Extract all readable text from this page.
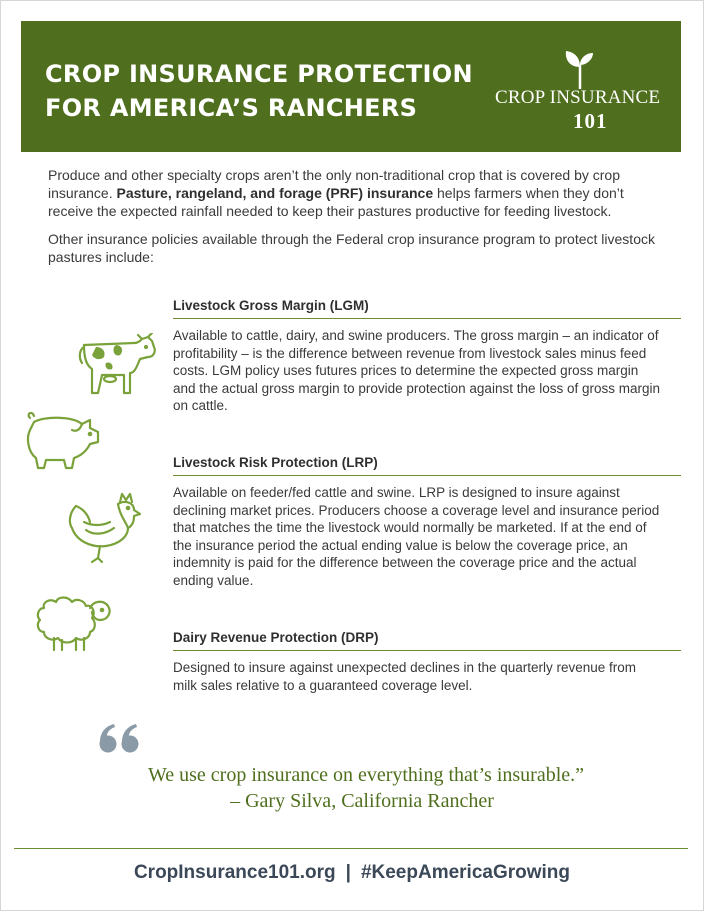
CROP INSURANCE PROTECTION
FOR AMERICA’S RANCHERS	CROP INSURANCE
101

Produce and other specialty crops aren’t the only non-traditional crop that is covered by crop insurance. Pasture, rangeland, and forage (PRF) insurance helps farmers when they don’t receive the expected rainfall needed to keep their pastures productive for feeding livestock.

Other insurance policies available through the Federal crop insurance program to protect livestock pastures include:

Livestock Gross Margin (LGM)

Available to cattle, dairy, and swine producers. The gross margin – an indicator of profitability – is the difference between revenue from livestock sales minus feed costs. LGM policy uses futures prices to determine the expected gross margin and the actual gross margin to provide protection against the loss of gross margin on cattle.

Livestock Risk Protection (LRP)

Available on feeder/fed cattle and swine. LRP is designed to insure against declining market prices. Producers choose a coverage level and insurance period that matches the time the livestock would normally be marketed. If at the end of the insurance period the actual ending value is below the coverage price, an indemnity is paid for the difference between the coverage price and the actual ending value.

Dairy Revenue Protection (DRP)

Designed to insure against unexpected declines in the quarterly revenue from milk sales relative to a guaranteed coverage level.

We use crop insurance on everything that’s insurable.”
– Gary Silva, California Rancher
CropInsurance101.org | #KeepAmericaGrowing
